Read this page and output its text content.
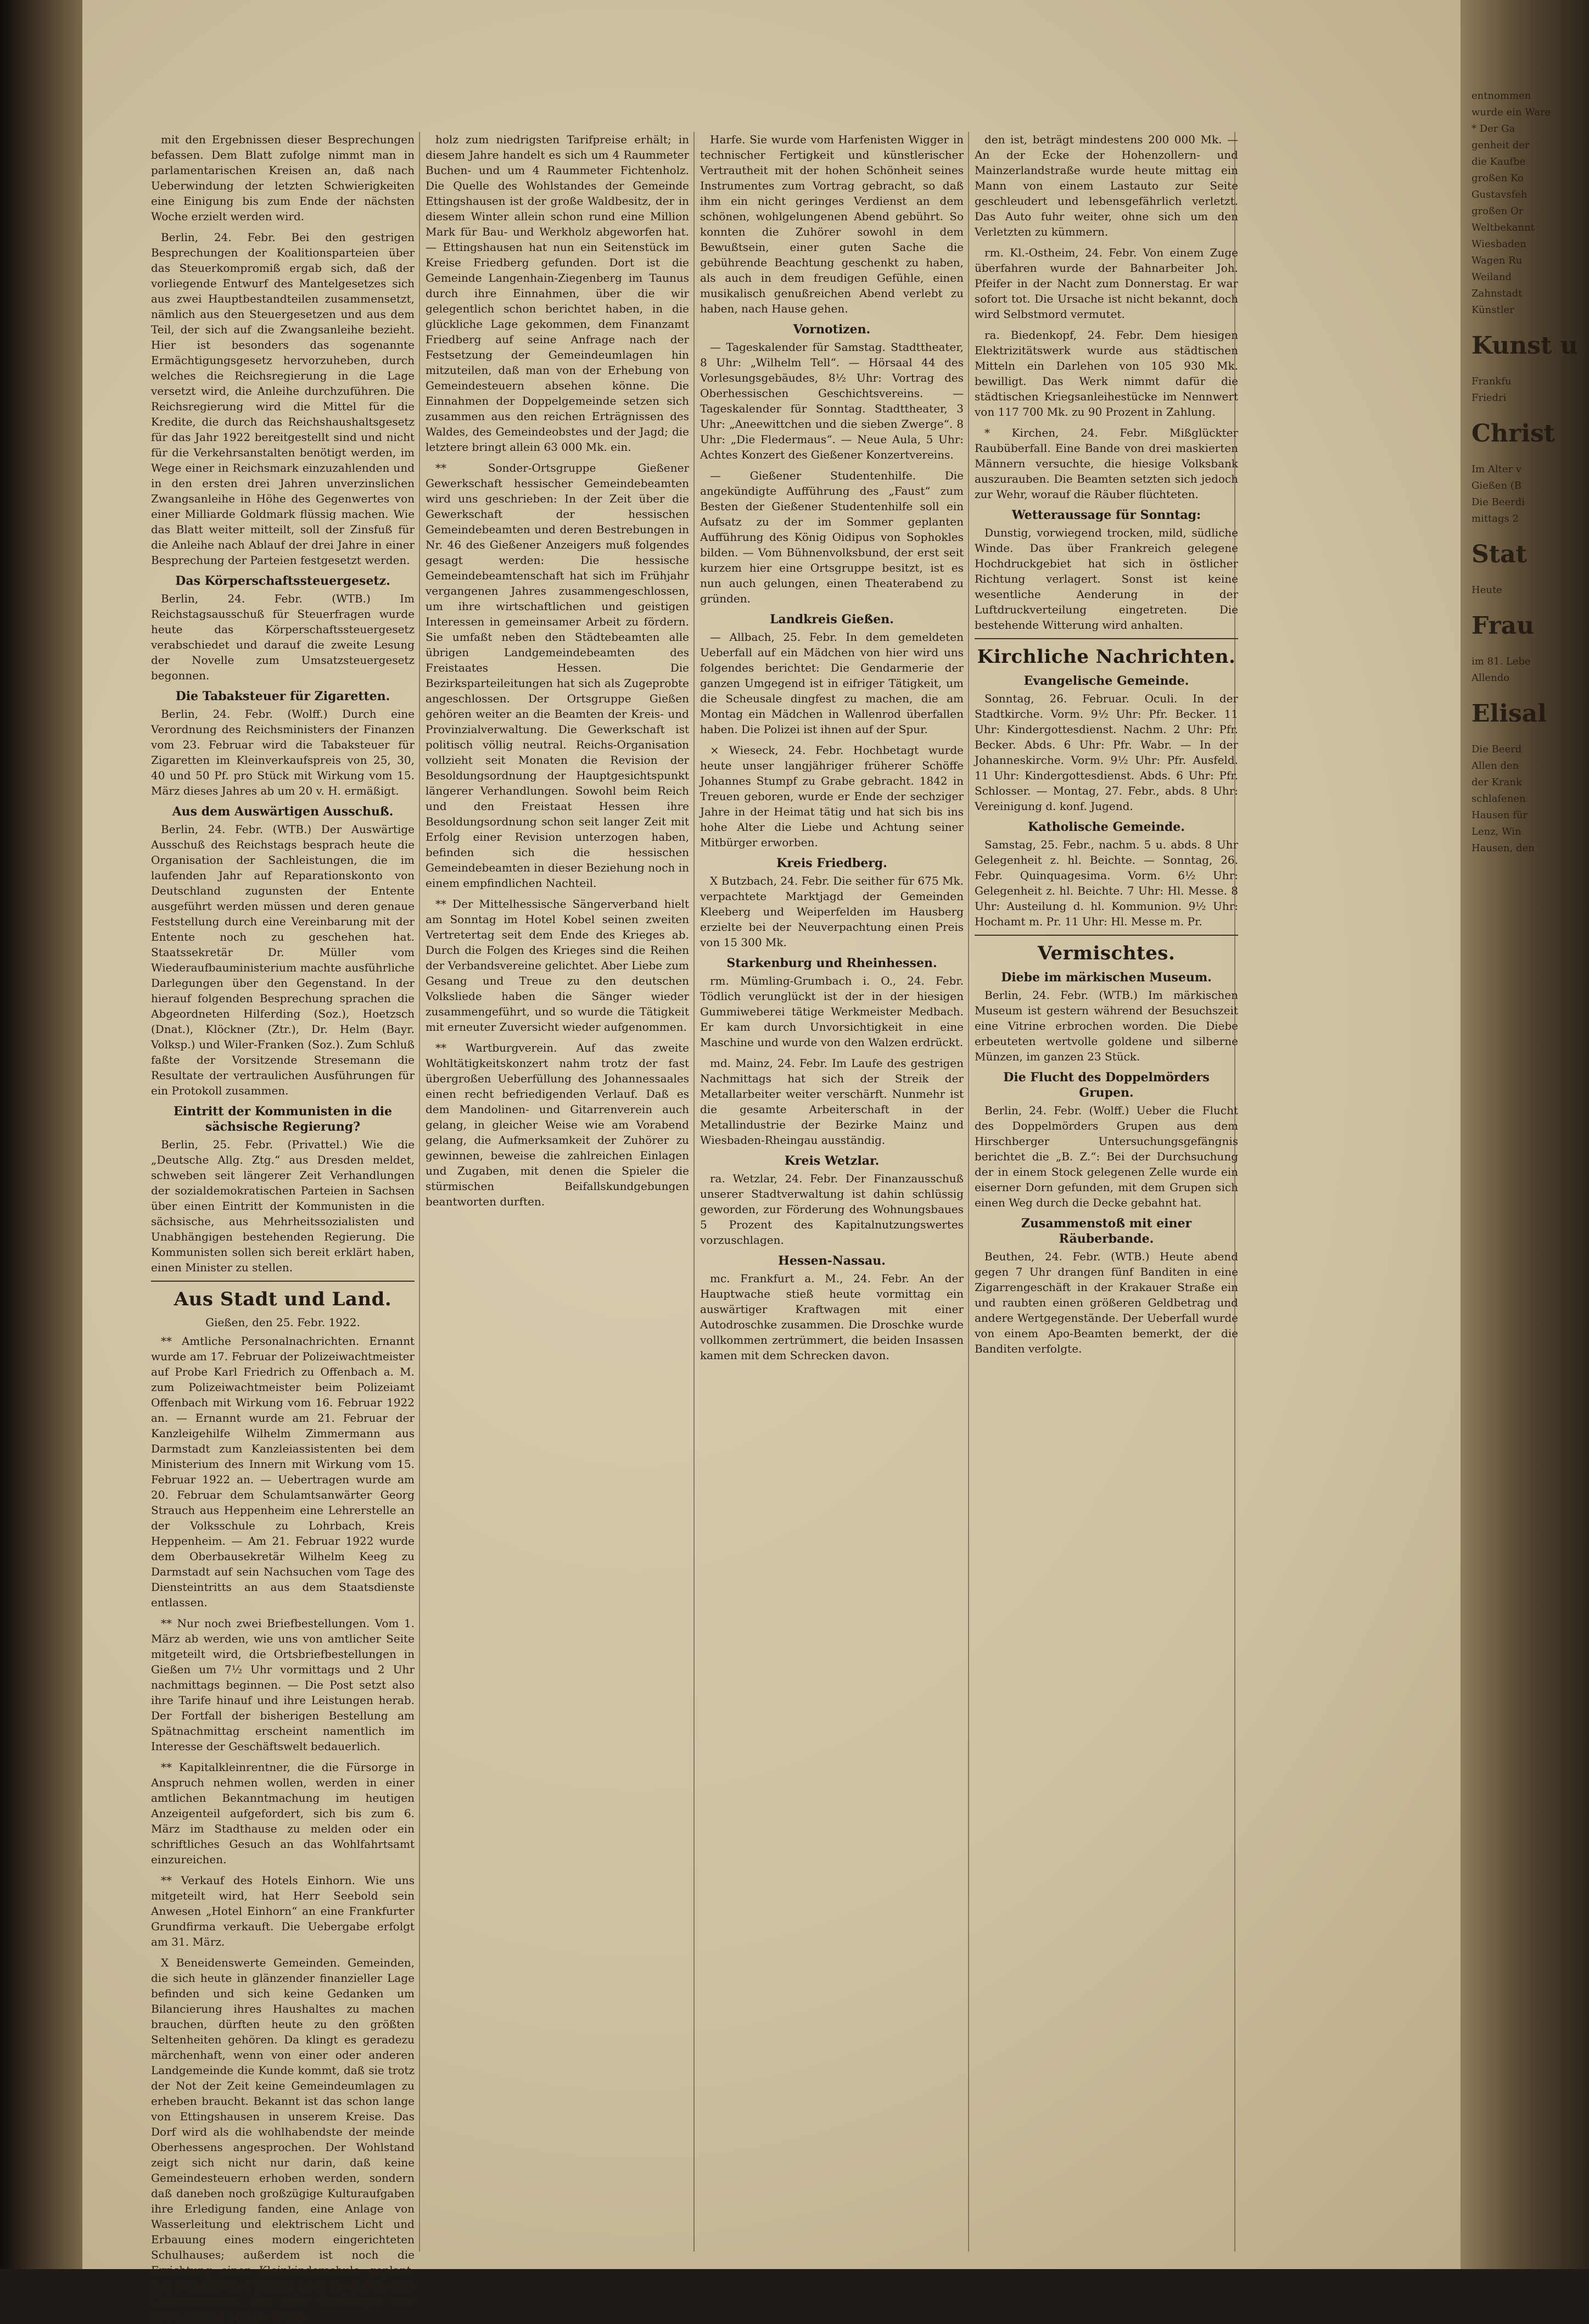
mit den Ergebnissen dieser Besprechungen befassen. Dem Blatt zufolge nimmt man in parlamentarischen Kreisen an, daß nach Ueberwindung der letzten Schwierigkeiten eine Einigung bis zum Ende der nächsten Woche erzielt werden wird.

Berlin, 24. Febr. Bei den gestrigen Besprechungen der Koalitionsparteien über das Steuerkompromiß ergab sich, daß der vorliegende Entwurf des Mantelgesetzes sich aus zwei Hauptbestandteilen zusammensetzt, nämlich aus den Steuergesetzen und aus dem Teil, der sich auf die Zwangsanleihe bezieht. Hier ist besonders das sogenannte Ermächtigungsgesetz hervorzuheben, durch welches die Reichsregierung in die Lage versetzt wird, die Anleihe durchzuführen. Die Reichsregierung wird die Mittel für die Kredite, die durch das Reichshaushaltsgesetz für das Jahr 1922 bereitgestellt sind und nicht für die Verkehrsanstalten benötigt werden, im Wege einer in Reichsmark einzuzahlenden und in den ersten drei Jahren unverzinslichen Zwangsanleihe in Höhe des Gegenwertes von einer Milliarde Goldmark flüssig machen. Wie das Blatt weiter mitteilt, soll der Zinsfuß für die Anleihe nach Ablauf der drei Jahre in einer Besprechung der Parteien festgesetzt werden.

Das Körperschaftssteuergesetz.

Berlin, 24. Febr. (WTB.) Im Reichstagsausschuß für Steuerfragen wurde heute das Körperschaftssteuergesetz verabschiedet und darauf die zweite Lesung der Novelle zum Umsatzsteuergesetz begonnen.

Die Tabaksteuer für Zigaretten.

Berlin, 24. Febr. (Wolff.) Durch eine Verordnung des Reichsministers der Finanzen vom 23. Februar wird die Tabaksteuer für Zigaretten im Kleinverkaufspreis von 25, 30, 40 und 50 Pf. pro Stück mit Wirkung vom 15. März dieses Jahres ab um 20 v. H. ermäßigt.

Aus dem Auswärtigen Ausschuß.

Berlin, 24. Febr. (WTB.) Der Auswärtige Ausschuß des Reichstags besprach heute die Organisation der Sachleistungen, die im laufenden Jahr auf Reparationskonto von Deutschland zugunsten der Entente ausgeführt werden müssen und deren genaue Feststellung durch eine Vereinbarung mit der Entente noch zu geschehen hat. Staatssekretär Dr. Müller vom Wiederaufbauministerium machte ausführliche Darlegungen über den Gegenstand. In der hierauf folgenden Besprechung sprachen die Abgeordneten Hilferding (Soz.), Hoetzsch (Dnat.), Klöckner (Ztr.), Dr. Helm (Bayr. Volksp.) und Wiler-Franken (Soz.). Zum Schluß faßte der Vorsitzende Stresemann die Resultate der vertraulichen Ausführungen für ein Protokoll zusammen.

Eintritt der Kommunisten in die sächsische Regierung?

Berlin, 25. Febr. (Privattel.) Wie die „Deutsche Allg. Ztg.“ aus Dresden meldet, schweben seit längerer Zeit Verhandlungen der sozialdemokratischen Parteien in Sachsen über einen Eintritt der Kommunisten in die sächsische, aus Mehrheitssozialisten und Unabhängigen bestehenden Regierung. Die Kommunisten sollen sich bereit erklärt haben, einen Minister zu stellen.

Aus Stadt und Land.
Gießen, den 25. Febr. 1922.

** Amtliche Personalnachrichten. Ernannt wurde am 17. Februar der Polizeiwachtmeister auf Probe Karl Friedrich zu Offenbach a. M. zum Polizeiwachtmeister beim Polizeiamt Offenbach mit Wirkung vom 16. Februar 1922 an. — Ernannt wurde am 21. Februar der Kanzleigehilfe Wilhelm Zimmermann aus Darmstadt zum Kanzleiassistenten bei dem Ministerium des Innern mit Wirkung vom 15. Februar 1922 an. — Uebertragen wurde am 20. Februar dem Schulamtsanwärter Georg Strauch aus Heppenheim eine Lehrerstelle an der Volksschule zu Lohrbach, Kreis Heppenheim. — Am 21. Februar 1922 wurde dem Oberbausekretär Wilhelm Keeg zu Darmstadt auf sein Nachsuchen vom Tage des Diensteintritts an aus dem Staatsdienste entlassen.

** Nur noch zwei Briefbestellungen. Vom 1. März ab werden, wie uns von amtlicher Seite mitgeteilt wird, die Ortsbriefbestellungen in Gießen um 7½ Uhr vormittags und 2 Uhr nachmittags beginnen. — Die Post setzt also ihre Tarife hinauf und ihre Leistungen herab. Der Fortfall der bisherigen Bestellung am Spätnachmittag erscheint namentlich im Interesse der Geschäftswelt bedauerlich.

** Kapitalkleinrentner, die die Fürsorge in Anspruch nehmen wollen, werden in einer amtlichen Bekanntmachung im heutigen Anzeigenteil aufgefordert, sich bis zum 6. März im Stadthause zu melden oder ein schriftliches Gesuch an das Wohlfahrtsamt einzureichen.

** Verkauf des Hotels Einhorn. Wie uns mitgeteilt wird, hat Herr Seebold sein Anwesen „Hotel Einhorn“ an eine Frankfurter Grundfirma verkauft. Die Uebergabe erfolgt am 31. März.

X Beneidenswerte Gemeinden. Gemeinden, die sich heute in glänzender finanzieller Lage befinden und sich keine Gedanken um Bilancierung ihres Haushaltes zu machen brauchen, dürften heute zu den größten Seltenheiten gehören. Da klingt es geradezu märchenhaft, wenn von einer oder anderen Landgemeinde die Kunde kommt, daß sie trotz der Not der Zeit keine Gemeindeumlagen zu erheben braucht. Bekannt ist das schon lange von Ettingshausen in unserem Kreise. Das Dorf wird als die wohlhabendste der meinde Oberhessens angesprochen. Der Wohlstand zeigt sich nicht nur darin, daß keine Gemeindesteuern erhoben werden, sondern daß daneben noch großzügige Kulturaufgaben ihre Erledigung fanden, eine Anlage von Wasserleitung und elektrischem Licht und Erbauung eines modern eingerichteten Schulhauses; außerdem ist noch die Errichtung einer Kleinkinderschule geplant. Zur Steuerfreiheit kommt noch die angenehme Ueberraschung, daß jeder Ortsbürger eine beträchtliche Menge Brenn-

holz zum niedrigsten Tarifpreise erhält; in diesem Jahre handelt es sich um 4 Raummeter Buchen- und um 4 Raummeter Fichtenholz. Die Quelle des Wohlstandes der Gemeinde Ettingshausen ist der große Waldbesitz, der in diesem Winter allein schon rund eine Million Mark für Bau- und Werkholz abgeworfen hat. — Ettingshausen hat nun ein Seitenstück im Kreise Friedberg gefunden. Dort ist die Gemeinde Langenhain-Ziegenberg im Taunus durch ihre Einnahmen, über die wir gelegentlich schon berichtet haben, in die glückliche Lage gekommen, dem Finanzamt Friedberg auf seine Anfrage nach der Festsetzung der Gemeindeumlagen hin mitzuteilen, daß man von der Erhebung von Gemeindesteuern absehen könne. Die Einnahmen der Doppelgemeinde setzen sich zusammen aus den reichen Erträgnissen des Waldes, des Gemeindeobstes und der Jagd; die letztere bringt allein 63 000 Mk. ein.

** Sonder-Ortsgruppe Gießener Gewerkschaft hessischer Gemeindebeamten wird uns geschrieben: In der Zeit über die Gewerkschaft der hessischen Gemeindebeamten und deren Bestrebungen in Nr. 46 des Gießener Anzeigers muß folgendes gesagt werden: Die hessische Gemeindebeamtenschaft hat sich im Frühjahr vergangenen Jahres zusammengeschlossen, um ihre wirtschaftlichen und geistigen Interessen in gemeinsamer Arbeit zu fördern. Sie umfaßt neben den Städtebeamten alle übrigen Landgemeindebeamten des Freistaates Hessen. Die Bezirksparteileitungen hat sich als Zugeprobte angeschlossen. Der Ortsgruppe Gießen gehören weiter an die Beamten der Kreis- und Provinzialverwaltung. Die Gewerkschaft ist politisch völlig neutral. Reichs-Organisation vollzieht seit Monaten die Revision der Besoldungsordnung der Hauptgesichtspunkt längerer Verhandlungen. Sowohl beim Reich und den Freistaat Hessen ihre Besoldungsordnung schon seit langer Zeit mit Erfolg einer Revision unterzogen haben, befinden sich die hessischen Gemeindebeamten in dieser Beziehung noch in einem empfindlichen Nachteil.

** Der Mittelhessische Sängerverband hielt am Sonntag im Hotel Kobel seinen zweiten Vertretertag seit dem Ende des Krieges ab. Durch die Folgen des Krieges sind die Reihen der Verbandsvereine gelichtet. Aber Liebe zum Gesang und Treue zu den deutschen Volksliede haben die Sänger wieder zusammengeführt, und so wurde die Tätigkeit mit erneuter Zuversicht wieder aufgenommen.

** Wartburgverein. Auf das zweite Wohltätigkeitskonzert nahm trotz der fast übergroßen Ueberfüllung des Johannessaales einen recht befriedigenden Verlauf. Daß es dem Mandolinen- und Gitarrenverein auch gelang, in gleicher Weise wie am Vorabend gelang, die Aufmerksamkeit der Zuhörer zu gewinnen, beweise die zahlreichen Einlagen und Zugaben, mit denen die Spieler die stürmischen Beifallskundgebungen beantworten durften.

Harfe. Sie wurde vom Harfenisten Wigger in technischer Fertigkeit und künstlerischer Vertrautheit mit der hohen Schönheit seines Instrumentes zum Vortrag gebracht, so daß ihm ein nicht geringes Verdienst an dem schönen, wohlgelungenen Abend gebührt. So konnten die Zuhörer sowohl in dem Bewußtsein, einer guten Sache die gebührende Beachtung geschenkt zu haben, als auch in dem freudigen Gefühle, einen musikalisch genußreichen Abend verlebt zu haben, nach Hause gehen.

Vornotizen.

— Tageskalender für Samstag. Stadttheater, 8 Uhr: „Wilhelm Tell“. — Hörsaal 44 des Vorlesungsgebäudes, 8½ Uhr: Vortrag des Oberhessischen Geschichtsvereins. — Tageskalender für Sonntag. Stadttheater, 3 Uhr: „Aneewittchen und die sieben Zwerge“. 8 Uhr: „Die Fledermaus“. — Neue Aula, 5 Uhr: Achtes Konzert des Gießener Konzertvereins.

— Gießener Studentenhilfe. Die angekündigte Aufführung des „Faust“ zum Besten der Gießener Studentenhilfe soll ein Aufsatz zu der im Sommer geplanten Aufführung des König Oidipus von Sophokles bilden. — Vom Bühnenvolksbund, der erst seit kurzem hier eine Ortsgruppe besitzt, ist es nun auch gelungen, einen Theaterabend zu gründen.

Landkreis Gießen.

— Allbach, 25. Febr. In dem gemeldeten Ueberfall auf ein Mädchen von hier wird uns folgendes berichtet: Die Gendarmerie der ganzen Umgegend ist in eifriger Tätigkeit, um die Scheusale dingfest zu machen, die am Montag ein Mädchen in Wallenrod überfallen haben. Die Polizei ist ihnen auf der Spur.

× Wieseck, 24. Febr. Hochbetagt wurde heute unser langjähriger früherer Schöffe Johannes Stumpf zu Grabe gebracht. 1842 in Treuen geboren, wurde er Ende der sechziger Jahre in der Heimat tätig und hat sich bis ins hohe Alter die Liebe und Achtung seiner Mitbürger erworben.

Kreis Friedberg.

X Butzbach, 24. Febr. Die seither für 675 Mk. verpachtete Marktjagd der Gemeinden Kleeberg und Weiperfelden im Hausberg erzielte bei der Neuverpachtung einen Preis von 15 300 Mk.

Starkenburg und Rheinhessen.

rm. Mümling-Grumbach i. O., 24. Febr. Tödlich verunglückt ist der in der hiesigen Gummiweberei tätige Werkmeister Medbach. Er kam durch Unvorsichtigkeit in eine Maschine und wurde von den Walzen erdrückt.

md. Mainz, 24. Febr. Im Laufe des gestrigen Nachmittags hat sich der Streik der Metallarbeiter weiter verschärft. Nunmehr ist die gesamte Arbeiterschaft in der Metallindustrie der Bezirke Mainz und Wiesbaden-Rheingau ausständig.

Kreis Wetzlar.

ra. Wetzlar, 24. Febr. Der Finanzausschuß unserer Stadtverwaltung ist dahin schlüssig geworden, zur Förderung des Wohnungsbaues 5 Prozent des Kapitalnutzungswertes vorzuschlagen.

Hessen-Nassau.

mc. Frankfurt a. M., 24. Febr. An der Hauptwache stieß heute vormittag ein auswärtiger Kraftwagen mit einer Autodroschke zusammen. Die Droschke wurde vollkommen zertrümmert, die beiden Insassen kamen mit dem Schrecken davon.

den ist, beträgt mindestens 200 000 Mk. — An der Ecke der Hohenzollern- und Mainzerlandstraße wurde heute mittag ein Mann von einem Lastauto zur Seite geschleudert und lebensgefährlich verletzt. Das Auto fuhr weiter, ohne sich um den Verletzten zu kümmern.

rm. Kl.-Ostheim, 24. Febr. Von einem Zuge überfahren wurde der Bahnarbeiter Joh. Pfeifer in der Nacht zum Donnerstag. Er war sofort tot. Die Ursache ist nicht bekannt, doch wird Selbstmord vermutet.

ra. Biedenkopf, 24. Febr. Dem hiesigen Elektrizitätswerk wurde aus städtischen Mitteln ein Darlehen von 105 930 Mk. bewilligt. Das Werk nimmt dafür die städtischen Kriegsanleihestücke im Nennwert von 117 700 Mk. zu 90 Prozent in Zahlung.

* Kirchen, 24. Febr. Mißglückter Raubüberfall. Eine Bande von drei maskierten Männern versuchte, die hiesige Volksbank auszurauben. Die Beamten setzten sich jedoch zur Wehr, worauf die Räuber flüchteten.

Wetteraussage für Sonntag:

Dunstig, vorwiegend trocken, mild, südliche Winde. Das über Frankreich gelegene Hochdruckgebiet hat sich in östlicher Richtung verlagert. Sonst ist keine wesentliche Aenderung in der Luftdruckverteilung eingetreten. Die bestehende Witterung wird anhalten.

Kirchliche Nachrichten.
Evangelische Gemeinde.

Sonntag, 26. Februar. Oculi. In der Stadtkirche. Vorm. 9½ Uhr: Pfr. Becker. 11 Uhr: Kindergottesdienst. Nachm. 2 Uhr: Pfr. Becker. Abds. 6 Uhr: Pfr. Wabr. — In der Johanneskirche. Vorm. 9½ Uhr: Pfr. Ausfeld. 11 Uhr: Kindergottesdienst. Abds. 6 Uhr: Pfr. Schlosser. — Montag, 27. Febr., abds. 8 Uhr: Vereinigung d. konf. Jugend.

Katholische Gemeinde.

Samstag, 25. Febr., nachm. 5 u. abds. 8 Uhr Gelegenheit z. hl. Beichte. — Sonntag, 26. Febr. Quinquagesima. Vorm. 6½ Uhr: Gelegenheit z. hl. Beichte. 7 Uhr: Hl. Messe. 8 Uhr: Austeilung d. hl. Kommunion. 9½ Uhr: Hochamt m. Pr. 11 Uhr: Hl. Messe m. Pr.

Vermischtes.
Diebe im märkischen Museum.

Berlin, 24. Febr. (WTB.) Im märkischen Museum ist gestern während der Besuchszeit eine Vitrine erbrochen worden. Die Diebe erbeuteten wertvolle goldene und silberne Münzen, im ganzen 23 Stück.

Die Flucht des Doppelmörders Grupen.

Berlin, 24. Febr. (Wolff.) Ueber die Flucht des Doppelmörders Grupen aus dem Hirschberger Untersuchungsgefängnis berichtet die „B. Z.“: Bei der Durchsuchung der in einem Stock gelegenen Zelle wurde ein eiserner Dorn gefunden, mit dem Grupen sich einen Weg durch die Decke gebahnt hat.

Zusammenstoß mit einer Räuberbande.

Beuthen, 24. Febr. (WTB.) Heute abend gegen 7 Uhr drangen fünf Banditen in eine Zigarrengeschäft in der Krakauer Straße ein und raubten einen größeren Geldbetrag und andere Wertgegenstände. Der Ueberfall wurde von einem Apo-Beamten bemerkt, der die Banditen verfolgte.

entnommen
wurde ein Ware
* Der Ga
genheit der
die Kaufbe
großen Ko
Gustavsfeh
großen Or
Weltbekannt
Wiesbaden
Wagen Ru
Weiland
Zahnstadt
Künstler
Kunst u
Frankfu
Friedri
Christ
Im Alter v
Gießen (B
Die Beerdi
mittags 2
Stat
Heute
Frau
im 81. Lebe
Allendo
Elisal
Die Beerd
Allen den
der Krank
schlafenen
Hausen für
Lenz, Win
Hausen, den
